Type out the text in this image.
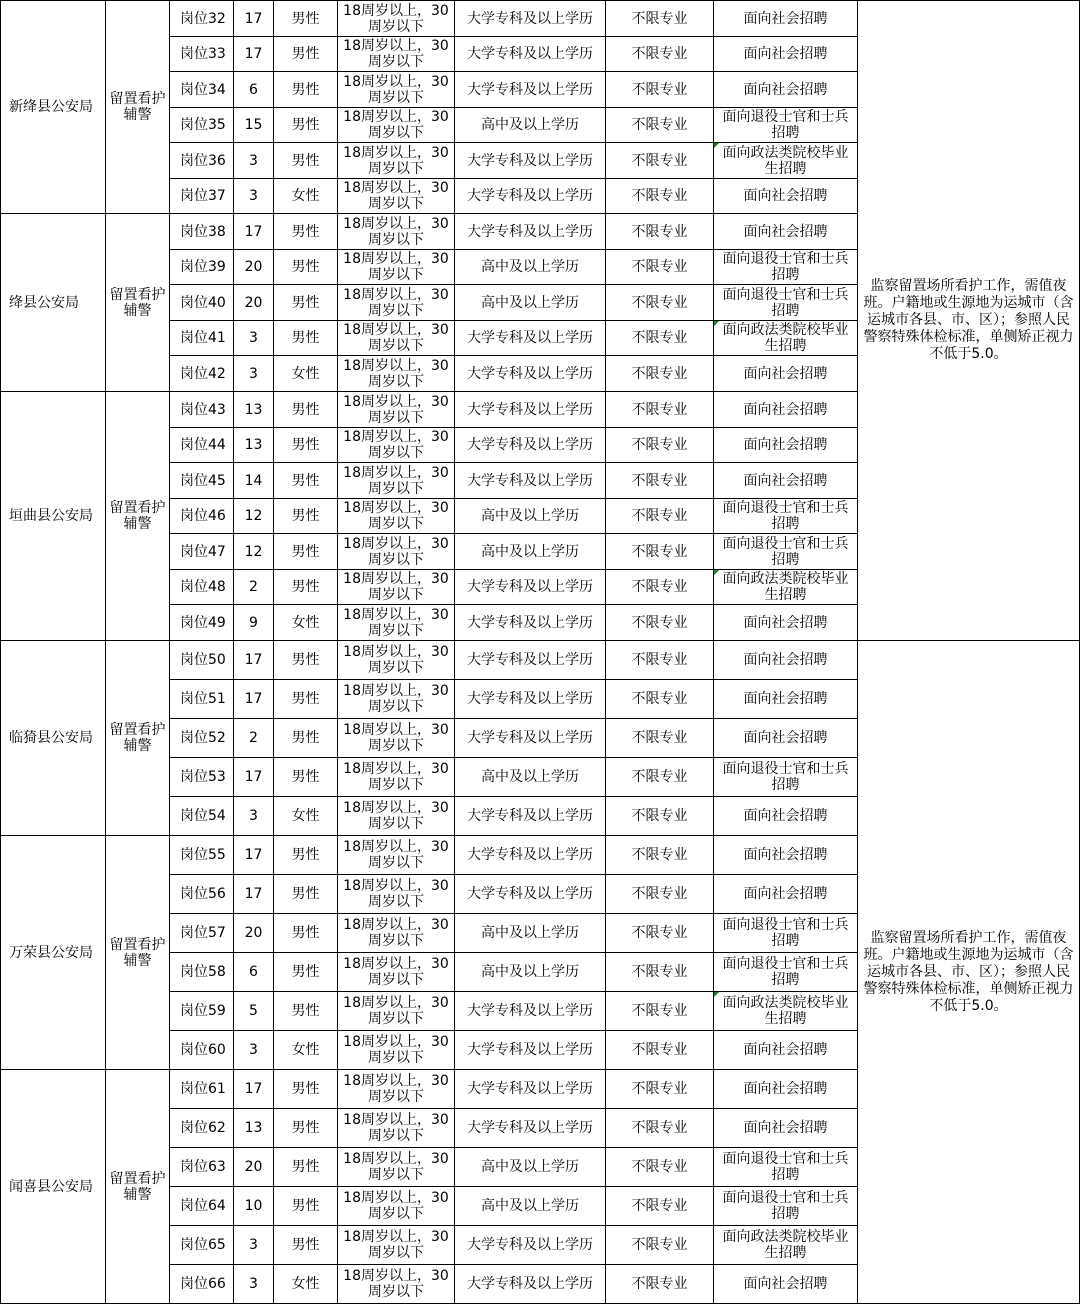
新绛县公安局	留置看护辅警	岗位32	17	男性	18周岁以上，30周岁以下	大学专科及以上学历	不限专业	面向社会招聘	监察留置场所看护工作，需值夜班。户籍地或生源地为运城市（含运城市各县、市、区）；参照人民警察特殊体检标准，单侧矫正视力不低于5.0。
		岗位33	17	男性	18周岁以上，30周岁以下	大学专科及以上学历	不限专业	面向社会招聘	
		岗位34	6	男性	18周岁以上，30周岁以下	大学专科及以上学历	不限专业	面向社会招聘	
		岗位35	15	男性	18周岁以上，30周岁以下	高中及以上学历	不限专业	面向退役士官和士兵招聘	
		岗位36	3	男性	18周岁以上，30周岁以下	大学专科及以上学历	不限专业	面向政法类院校毕业生招聘	
		岗位37	3	女性	18周岁以上，30周岁以下	大学专科及以上学历	不限专业	面向社会招聘	
绛县公安局	留置看护辅警	岗位38	17	男性	18周岁以上，30周岁以下	大学专科及以上学历	不限专业	面向社会招聘	
		岗位39	20	男性	18周岁以上，30周岁以下	高中及以上学历	不限专业	面向退役士官和士兵招聘	
		岗位40	20	男性	18周岁以上，30周岁以下	高中及以上学历	不限专业	面向退役士官和士兵招聘	
		岗位41	3	男性	18周岁以上，30周岁以下	大学专科及以上学历	不限专业	面向政法类院校毕业生招聘	
		岗位42	3	女性	18周岁以上，30周岁以下	大学专科及以上学历	不限专业	面向社会招聘	
垣曲县公安局	留置看护辅警	岗位43	13	男性	18周岁以上，30周岁以下	大学专科及以上学历	不限专业	面向社会招聘	
		岗位44	13	男性	18周岁以上，30周岁以下	大学专科及以上学历	不限专业	面向社会招聘	
		岗位45	14	男性	18周岁以上，30周岁以下	大学专科及以上学历	不限专业	面向社会招聘	
		岗位46	12	男性	18周岁以上，30周岁以下	高中及以上学历	不限专业	面向退役士官和士兵招聘	
		岗位47	12	男性	18周岁以上，30周岁以下	高中及以上学历	不限专业	面向退役士官和士兵招聘	
		岗位48	2	男性	18周岁以上，30周岁以下	大学专科及以上学历	不限专业	面向政法类院校毕业生招聘	
		岗位49	9	女性	18周岁以上，30周岁以下	大学专科及以上学历	不限专业	面向社会招聘	
临猗县公安局	留置看护辅警	岗位50	17	男性	18周岁以上，30周岁以下	大学专科及以上学历	不限专业	面向社会招聘	监察留置场所看护工作，需值夜班。户籍地或生源地为运城市（含运城市各县、市、区）；参照人民警察特殊体检标准，单侧矫正视力不低于5.0。
		岗位51	17	男性	18周岁以上，30周岁以下	大学专科及以上学历	不限专业	面向社会招聘	
		岗位52	2	男性	18周岁以上，30周岁以下	大学专科及以上学历	不限专业	面向社会招聘	
		岗位53	17	男性	18周岁以上，30周岁以下	高中及以上学历	不限专业	面向退役士官和士兵招聘	
		岗位54	3	女性	18周岁以上，30周岁以下	大学专科及以上学历	不限专业	面向社会招聘	
万荣县公安局	留置看护辅警	岗位55	17	男性	18周岁以上，30周岁以下	大学专科及以上学历	不限专业	面向社会招聘	
		岗位56	17	男性	18周岁以上，30周岁以下	大学专科及以上学历	不限专业	面向社会招聘	
		岗位57	20	男性	18周岁以上，30周岁以下	高中及以上学历	不限专业	面向退役士官和士兵招聘	
		岗位58	6	男性	18周岁以上，30周岁以下	高中及以上学历	不限专业	面向退役士官和士兵招聘	
		岗位59	5	男性	18周岁以上，30周岁以下	大学专科及以上学历	不限专业	面向政法类院校毕业生招聘	
		岗位60	3	女性	18周岁以上，30周岁以下	大学专科及以上学历	不限专业	面向社会招聘	
闻喜县公安局	留置看护辅警	岗位61	17	男性	18周岁以上，30周岁以下	大学专科及以上学历	不限专业	面向社会招聘	
		岗位62	13	男性	18周岁以上，30周岁以下	大学专科及以上学历	不限专业	面向社会招聘	
		岗位63	20	男性	18周岁以上，30周岁以下	高中及以上学历	不限专业	面向退役士官和士兵招聘	
		岗位64	10	男性	18周岁以上，30周岁以下	高中及以上学历	不限专业	面向退役士官和士兵招聘	
		岗位65	3	男性	18周岁以上，30周岁以下	大学专科及以上学历	不限专业	面向政法类院校毕业生招聘	
		岗位66	3	女性	18周岁以上，30周岁以下	大学专科及以上学历	不限专业	面向社会招聘	
